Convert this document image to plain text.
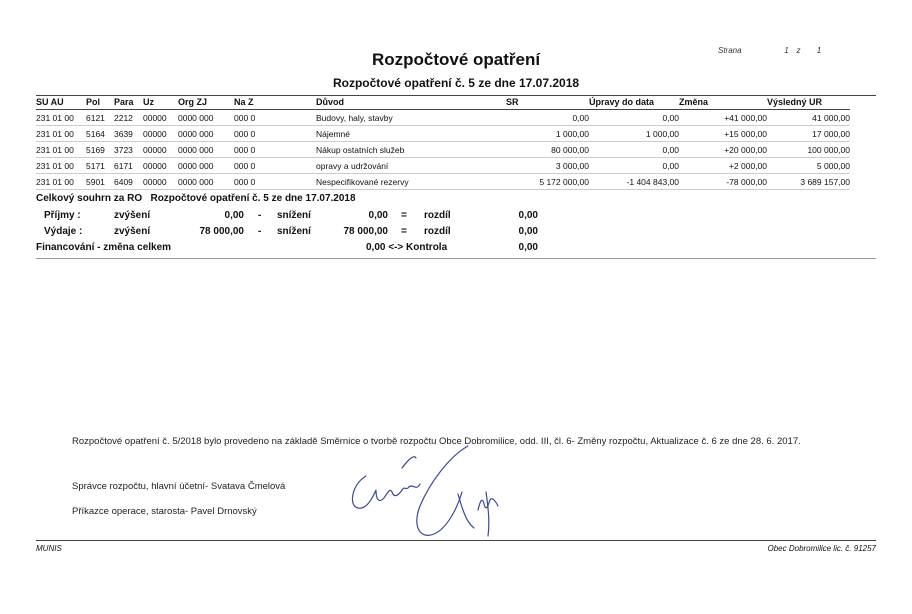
Rozpočtové opatření	Strana	1 z 1
Rozpočtové opatření č. 5 ze dne 17.07.2018
SU AU	Pol	Para	Uz	Org ZJ	Na Z	Důvod	SR	Úpravy do data	Změna	Výsledný UR
231 01 00	6121	2212	00000	0000 000	000 0	Budovy, haly, stavby	0,00	0,00	+41 000,00	41 000,00
231 01 00	5164	3639	00000	0000 000	000 0	Nájemné	1 000,00	1 000,00	+15 000,00	17 000,00
231 01 00	5169	3723	00000	0000 000	000 0	Nákup ostatních služeb	80 000,00	0,00	+20 000,00	100 000,00
231 01 00	5171	6171	00000	0000 000	000 0	opravy a udržování	3 000,00	0,00	+2 000,00	5 000,00
231 01 00	5901	6409	00000	0000 000	000 0	Nespecifikované rezervy	5 172 000,00	-1 404 843,00	-78 000,00	3 689 157,00
Celkový souhrn za RO   Rozpočtové opatření č. 5 ze dne 17.07.2018
Příjmy :	zvýšení	0,00 - snížení	0,00 = rozdíl	0,00
Výdaje :	zvýšení	78 000,00 - snížení	78 000,00 = rozdíl	0,00
Financování - změna celkem	0,00 <-> Kontrola	0,00
Rozpočtové opatření č. 5/2018 bylo provedeno na základě Směrnice o tvorbě rozpočtu Obce Dobromilice, odd. III, čl. 6- Změny rozpočtu, Aktualizace č. 6 ze dne 28. 6. 2017.
Správce rozpočtu, hlavní účetní- Svatava Čmelová
Příkazce operace, starosta- Pavel Drnovský
MUNIS	Obec Dobromilice lic. č. 91257
